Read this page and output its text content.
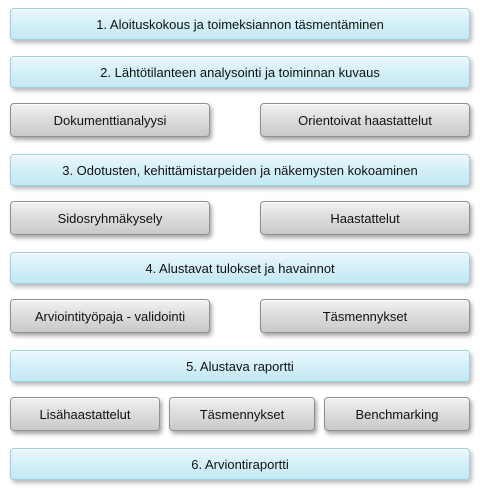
1. Aloituskokous ja toimeksiannon täsmentäminen
2. Lähtötilanteen analysointi ja toiminnan kuvaus
Dokumenttianalyysi	Orientoivat haastattelut
3. Odotusten, kehittämistarpeiden ja näkemysten kokoaminen
Sidosryhmäkysely	Haastattelut
4. Alustavat tulokset ja havainnot
Arviointityöpaja - validointi	Täsmennykset
5. Alustava raportti
Lisähaastattelut	Täsmennykset	Benchmarking
6. Arviontiraportti
